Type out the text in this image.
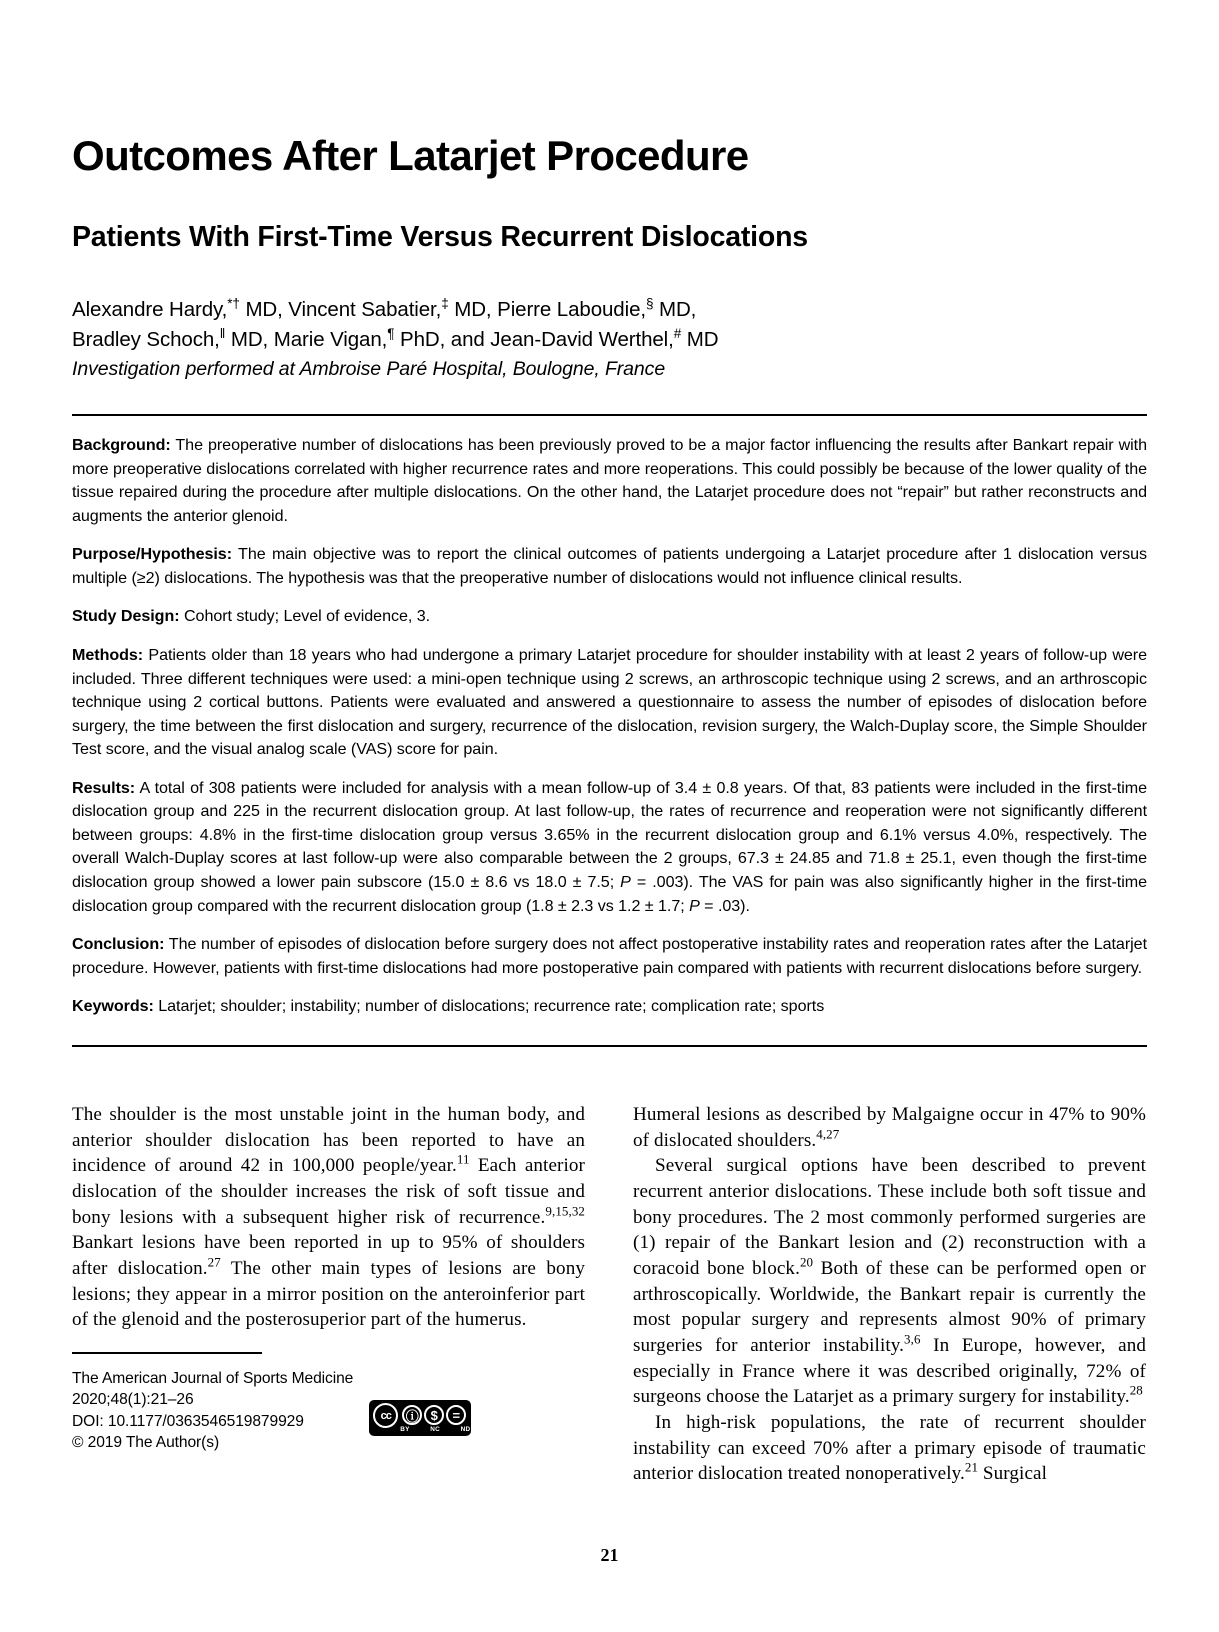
Outcomes After Latarjet Procedure
Patients With First-Time Versus Recurrent Dislocations

Alexandre Hardy,*† MD, Vincent Sabatier,‡ MD, Pierre Laboudie,§ MD,
Bradley Schoch,‖ MD, Marie Vigan,¶ PhD, and Jean-David Werthel,# MD

Investigation performed at Ambroise Paré Hospital, Boulogne, France

Background: The preoperative number of dislocations has been previously proved to be a major factor influencing the results after Bankart repair with more preoperative dislocations correlated with higher recurrence rates and more reoperations. This could possibly be because of the lower quality of the tissue repaired during the procedure after multiple dislocations. On the other hand, the Latarjet procedure does not “repair” but rather reconstructs and augments the anterior glenoid.

Purpose/Hypothesis: The main objective was to report the clinical outcomes of patients undergoing a Latarjet procedure after 1 dislocation versus multiple (≥2) dislocations. The hypothesis was that the preoperative number of dislocations would not influence clinical results.

Study Design: Cohort study; Level of evidence, 3.

Methods: Patients older than 18 years who had undergone a primary Latarjet procedure for shoulder instability with at least 2 years of follow-up were included. Three different techniques were used: a mini-open technique using 2 screws, an arthroscopic technique using 2 screws, and an arthroscopic technique using 2 cortical buttons. Patients were evaluated and answered a questionnaire to assess the number of episodes of dislocation before surgery, the time between the first dislocation and surgery, recurrence of the dislocation, revision surgery, the Walch-Duplay score, the Simple Shoulder Test score, and the visual analog scale (VAS) score for pain.

Results: A total of 308 patients were included for analysis with a mean follow-up of 3.4 ± 0.8 years. Of that, 83 patients were included in the first-time dislocation group and 225 in the recurrent dislocation group. At last follow-up, the rates of recurrence and reoperation were not significantly different between groups: 4.8% in the first-time dislocation group versus 3.65% in the recurrent dislocation group and 6.1% versus 4.0%, respectively. The overall Walch-Duplay scores at last follow-up were also comparable between the 2 groups, 67.3 ± 24.85 and 71.8 ± 25.1, even though the first-time dislocation group showed a lower pain subscore (15.0 ± 8.6 vs 18.0 ± 7.5; P = .003). The VAS for pain was also significantly higher in the first-time dislocation group compared with the recurrent dislocation group (1.8 ± 2.3 vs 1.2 ± 1.7; P = .03).

Conclusion: The number of episodes of dislocation before surgery does not affect postoperative instability rates and reoperation rates after the Latarjet procedure. However, patients with first-time dislocations had more postoperative pain compared with patients with recurrent dislocations before surgery.

Keywords: Latarjet; shoulder; instability; number of dislocations; recurrence rate; complication rate; sports

The shoulder is the most unstable joint in the human body, and anterior shoulder dislocation has been reported to have an incidence of around 42 in 100,000 people/year.$^{11}$ Each anterior dislocation of the shoulder increases the risk of soft tissue and bony lesions with a subsequent higher risk of recurrence.$^{9,15,32}$ Bankart lesions have been reported in up to 95% of shoulders after dislocation.$^{27}$ The other main types of lesions are bony lesions; they appear in a mirror position on the anteroinferior part of the glenoid and the posterosuperior part of the humerus.

The American Journal of Sports Medicine
2020;48(1):21–26
DOI: 10.1177/0363546519879929
© 2019 The Author(s)
cc	ⓘ $	=
BY	NC	ND

Humeral lesions as described by Malgaigne occur in 47% to 90% of dislocated shoulders.$^{4,27}$

Several surgical options have been described to prevent recurrent anterior dislocations. These include both soft tissue and bony procedures. The 2 most commonly performed surgeries are (1) repair of the Bankart lesion and (2) reconstruction with a coracoid bone block.$^{20}$ Both of these can be performed open or arthroscopically. Worldwide, the Bankart repair is currently the most popular surgery and represents almost 90% of primary surgeries for anterior instability.$^{3,6}$ In Europe, however, and especially in France where it was described originally, 72% of surgeons choose the Latarjet as a primary surgery for instability.$^{28}$

In high-risk populations, the rate of recurrent shoulder instability can exceed 70% after a primary episode of traumatic anterior dislocation treated nonoperatively.$^{21}$ Surgical

21
